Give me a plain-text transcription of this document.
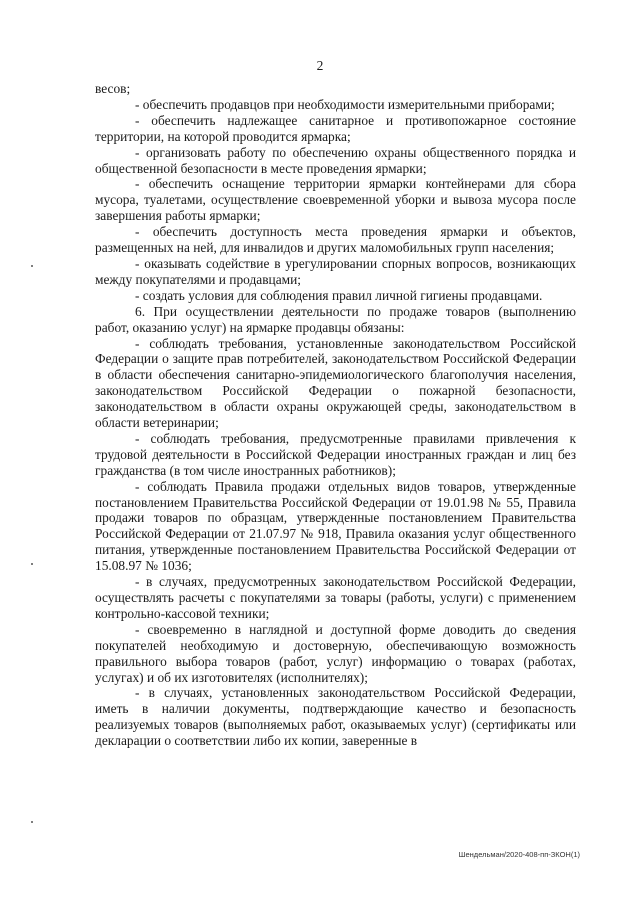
2

весов;

- обеспечить продавцов при необходимости измерительными приборами;

- обеспечить надлежащее санитарное и противопожарное состояние территории, на которой проводится ярмарка;

- организовать работу по обеспечению охраны общественного порядка и общественной безопасности в месте проведения ярмарки;

- обеспечить оснащение территории ярмарки контейнерами для сбора мусора, туалетами, осуществление своевременной уборки и вывоза мусора после завершения работы ярмарки;

- обеспечить доступность места проведения ярмарки и объектов, размещенных на ней, для инвалидов и других маломобильных групп населения;

- оказывать содействие в урегулировании спорных вопросов, возникающих между покупателями и продавцами;

- создать условия для соблюдения правил личной гигиены продавцами.

6. При осуществлении деятельности по продаже товаров (выполнению работ, оказанию услуг) на ярмарке продавцы обязаны:

- соблюдать требования, установленные законодательством Российской Федерации о защите прав потребителей, законодательством Российской Федерации в области обеспечения санитарно-эпидемиологического благополучия населения, законодательством Российской Федерации о пожарной безопасности, законодательством в области охраны окружающей среды, законодательством в области ветеринарии;

- соблюдать требования, предусмотренные правилами привлечения к трудовой деятельности в Российской Федерации иностранных граждан и лиц без гражданства (в том числе иностранных работников);

- соблюдать Правила продажи отдельных видов товаров, утвержденные постановлением Правительства Российской Федерации от 19.01.98 № 55, Правила продажи товаров по образцам, утвержденные постановлением Правительства Российской Федерации от 21.07.97 № 918, Правила оказания услуг общественного питания, утвержденные постановлением Правительства Российской Федерации от 15.08.97 № 1036;

- в случаях, предусмотренных законодательством Российской Федерации, осуществлять расчеты с покупателями за товары (работы, услуги) с применением контрольно-кассовой техники;

- своевременно в наглядной и доступной форме доводить до сведения покупателей необходимую и достоверную, обеспечивающую возможность правильного выбора товаров (работ, услуг) информацию о товарах (работах, услугах) и об их изготовителях (исполнителях);

- в случаях, установленных законодательством Российской Федерации, иметь в наличии документы, подтверждающие качество и безопасность реализуемых товаров (выполняемых работ, оказываемых услуг) (сертификаты или декларации о соответствии либо их копии, заверенные в

Шендельман/2020-408-пп-ЗКОН(1)
